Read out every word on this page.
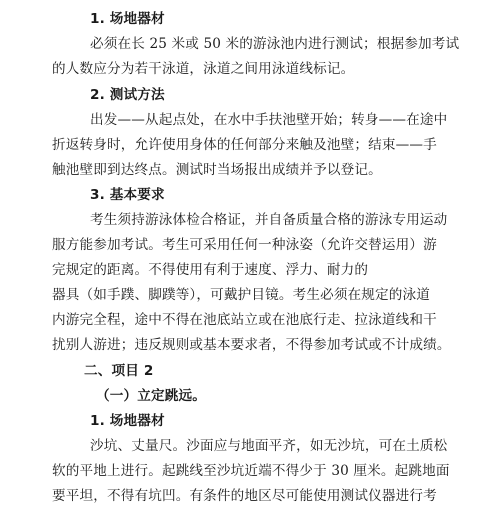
1. 场地器材
必须在长 25 米或 50 米的游泳池内进行测试；根据参加考试
的人数应分为若干泳道，泳道之间用泳道线标记。
2. 测试方法
出发——从起点处，在水中手扶池壁开始；转身——在途中
折返转身时，允许使用身体的任何部分来触及池壁；结束——手
触池壁即到达终点。测试时当场报出成绩并予以登记。
3. 基本要求
考生须持游泳体检合格证，并自备质量合格的游泳专用运动
服方能参加考试。考生可采用任何一种泳姿（允许交替运用）游
完规定的距离。不得使用有利于速度、浮力、耐力的
器具（如手蹼、脚蹼等），可戴护目镜。考生必须在规定的泳道
内游完全程，途中不得在池底站立或在池底行走、拉泳道线和干
扰别人游进；违反规则或基本要求者，不得参加考试或不计成绩。
二、项目 2
（一）立定跳远。
1. 场地器材
沙坑、丈量尺。沙面应与地面平齐，如无沙坑，可在土质松
软的平地上进行。起跳线至沙坑近端不得少于 30 厘米。起跳地面
要平坦，不得有坑凹。有条件的地区尽可能使用测试仪器进行考
